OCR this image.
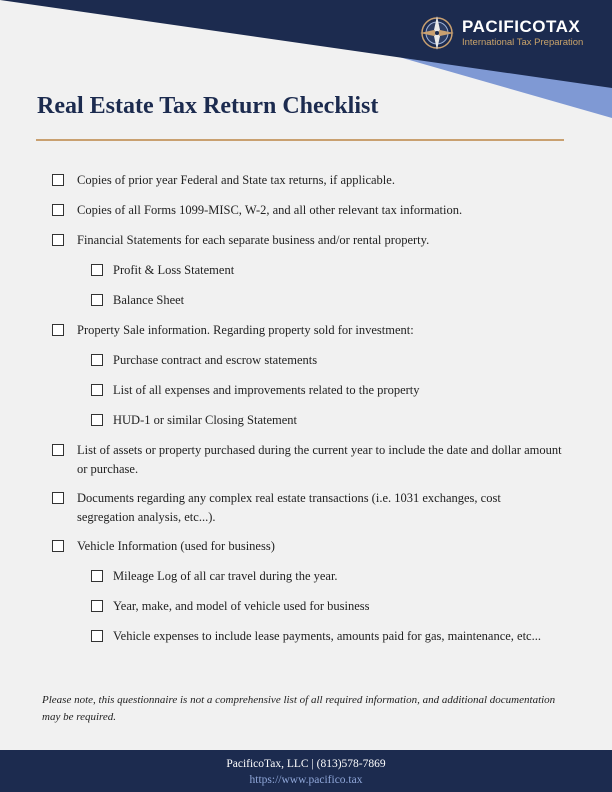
PACIFICOTAX
International Tax Preparation
Real Estate Tax Return Checklist
Copies of prior year Federal and State tax returns, if applicable.
Copies of all Forms 1099-MISC, W-2, and all other relevant tax information.
Financial Statements for each separate business and/or rental property.
Profit & Loss Statement
Balance Sheet
Property Sale information. Regarding property sold for investment:
Purchase contract and escrow statements
List of all expenses and improvements related to the property
HUD-1 or similar Closing Statement
List of assets or property purchased during the current year to include the date and dollar amount or purchase.
Documents regarding any complex real estate transactions (i.e. 1031 exchanges, cost segregation analysis, etc...).
Vehicle Information (used for business)
Mileage Log of all car travel during the year.
Year, make, and model of vehicle used for business
Vehicle expenses to include lease payments, amounts paid for gas, maintenance, etc...

Please note, this questionnaire is not a comprehensive list of all required information, and additional documentation may be required.

PacificoTax, LLC | (813)578-7869
https://www.pacifico.tax
